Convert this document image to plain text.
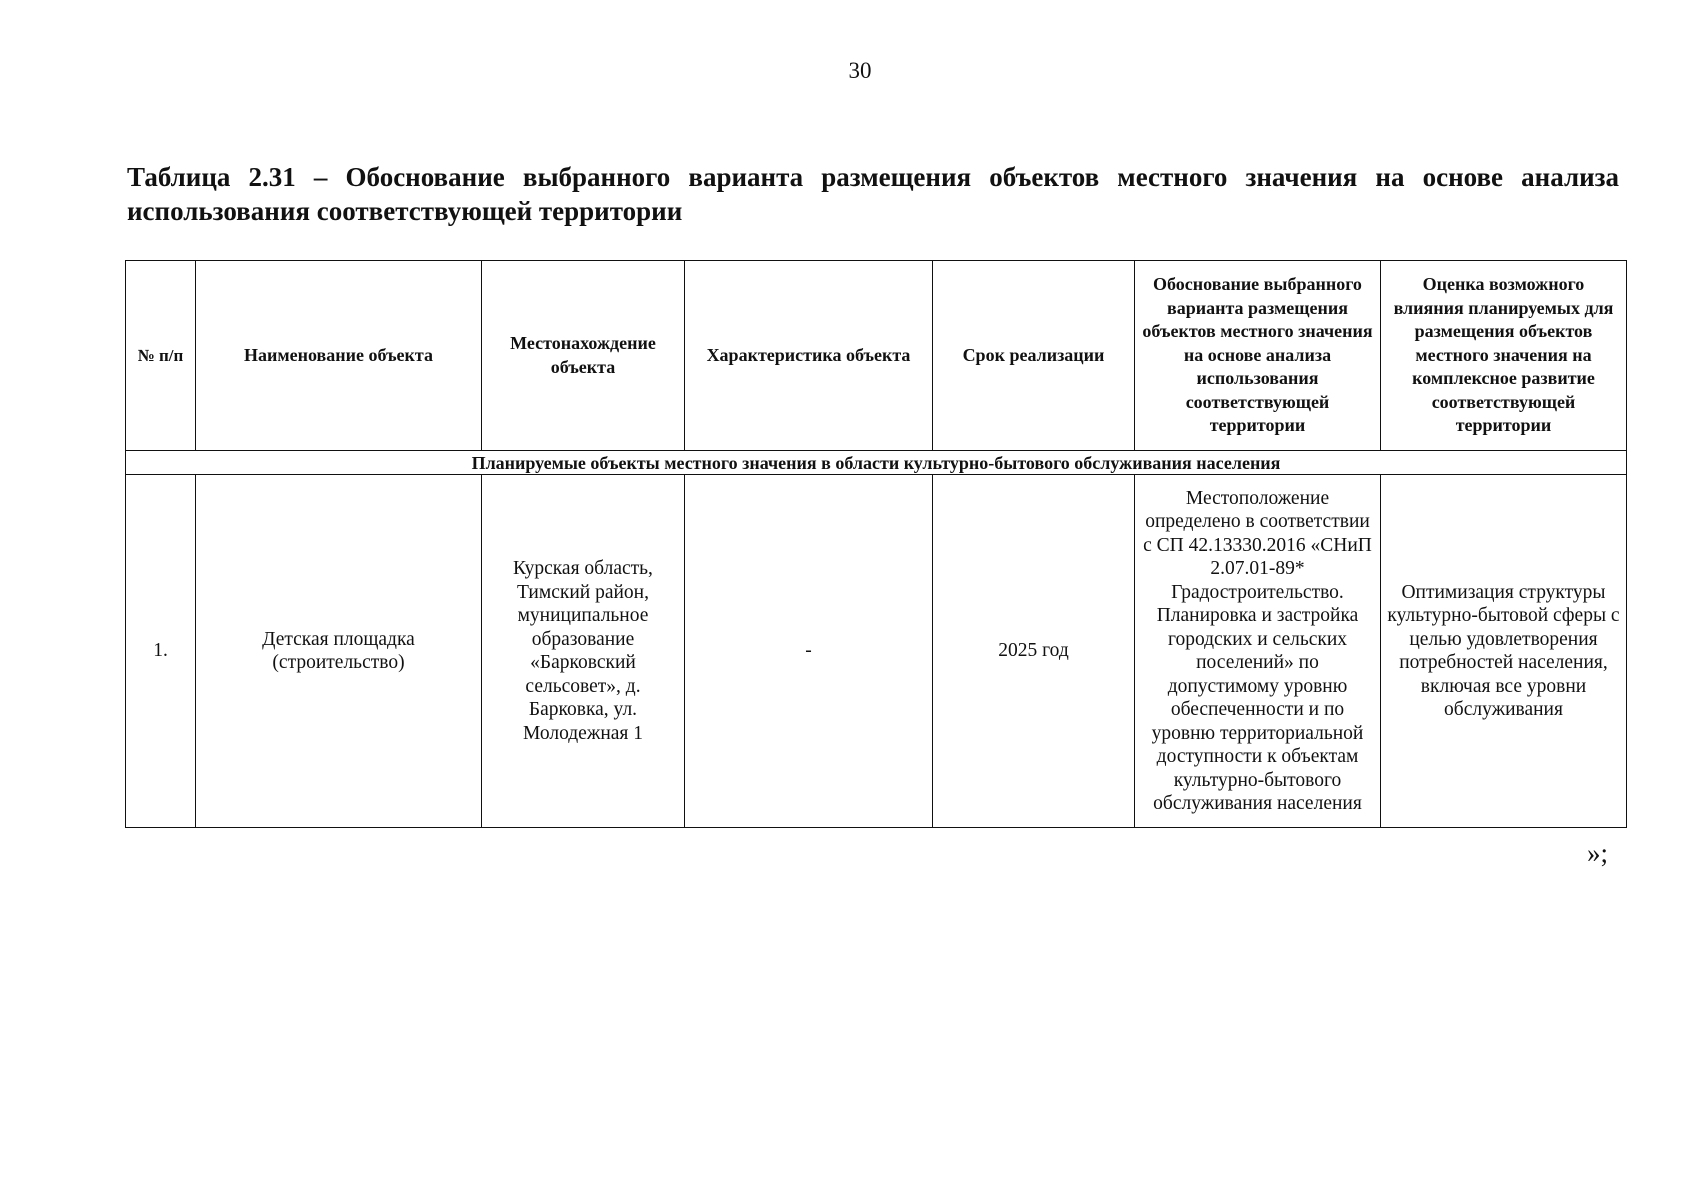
30
Таблица 2.31 – Обоснование выбранного варианта размещения объектов местного значения на основе анализа использования соответствующей территории
№ п/п	Наименование объекта	Местонахождение объекта	Характеристика объекта	Срок реализации	Обоснование выбранного варианта размещения объектов местного значения на основе анализа использования соответствующей территории	Оценка возможного влияния планируемых для размещения объектов местного значения на комплексное развитие соответствующей территории
Планируемые объекты местного значения в области культурно-бытового обслуживания населения						
1.	Детская площадка (строительство)	Курская область, Тимский район, муниципальное образование «Барковский сельсовет», д. Барковка, ул. Молодежная 1	-	2025 год	Местоположение определено в соответствии с СП 42.13330.2016 «СНиП 2.07.01-89* Градостроительство. Планировка и застройка городских и сельских поселений» по допустимому уровню обеспеченности и по уровню территориальной доступности к объектам культурно-бытового обслуживания населения	Оптимизация структуры культурно-бытовой сферы с целью удовлетворения потребностей населения, включая все уровни обслуживания
»;
